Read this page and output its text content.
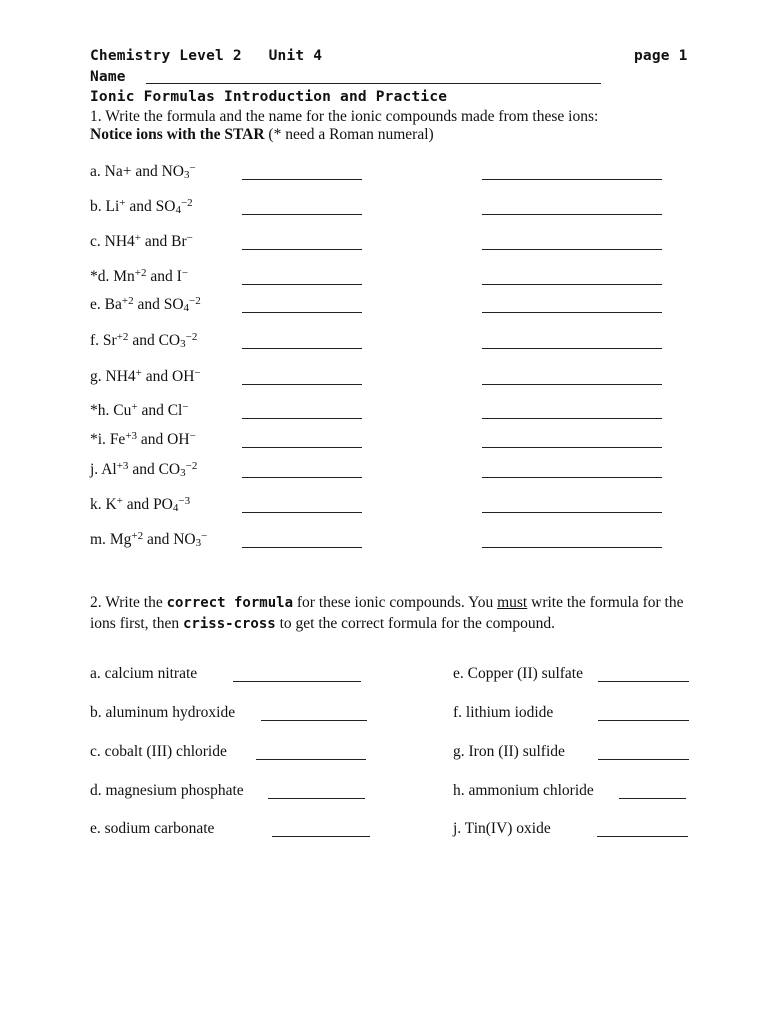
Chemistry Level 2 Unit 4	page 1
Name
Ionic Formulas Introduction and Practice
1. Write the formula and the name for the ionic compounds made from these ions:
Notice ions with the STAR (* need a Roman numeral)
a. Na+ and $NO_3^-$
b. Li+ and $SO_4^{-2}$
c. NH4+ and Br−
*d. $Mn^{+2}$ and I−
e. $Ba^{+2}$ and $SO_4^{-2}$
f. $Sr^{+2}$ and $CO_3^{-2}$
g. NH4+ and OH−
*h. Cu+ and Cl−
*i. $Fe^{+3}$ and OH−
j. $Al^{+3}$ and $CO_3^{-2}$
k. K+ and $PO_4^{-3}$
m. $Mg^{+2}$ and $NO_3^-$
2. Write the correct formula for these ionic compounds. You must write the formula for the
ions first, then criss-cross to get the correct formula for the compound.
a. calcium nitrate
b. aluminum hydroxide
c. cobalt (III) chloride
d. magnesium phosphate
e. sodium carbonate
e. Copper (II) sulfate
f. lithium iodide
g. Iron (II) sulfide
h. ammonium chloride
j. Tin(IV) oxide
